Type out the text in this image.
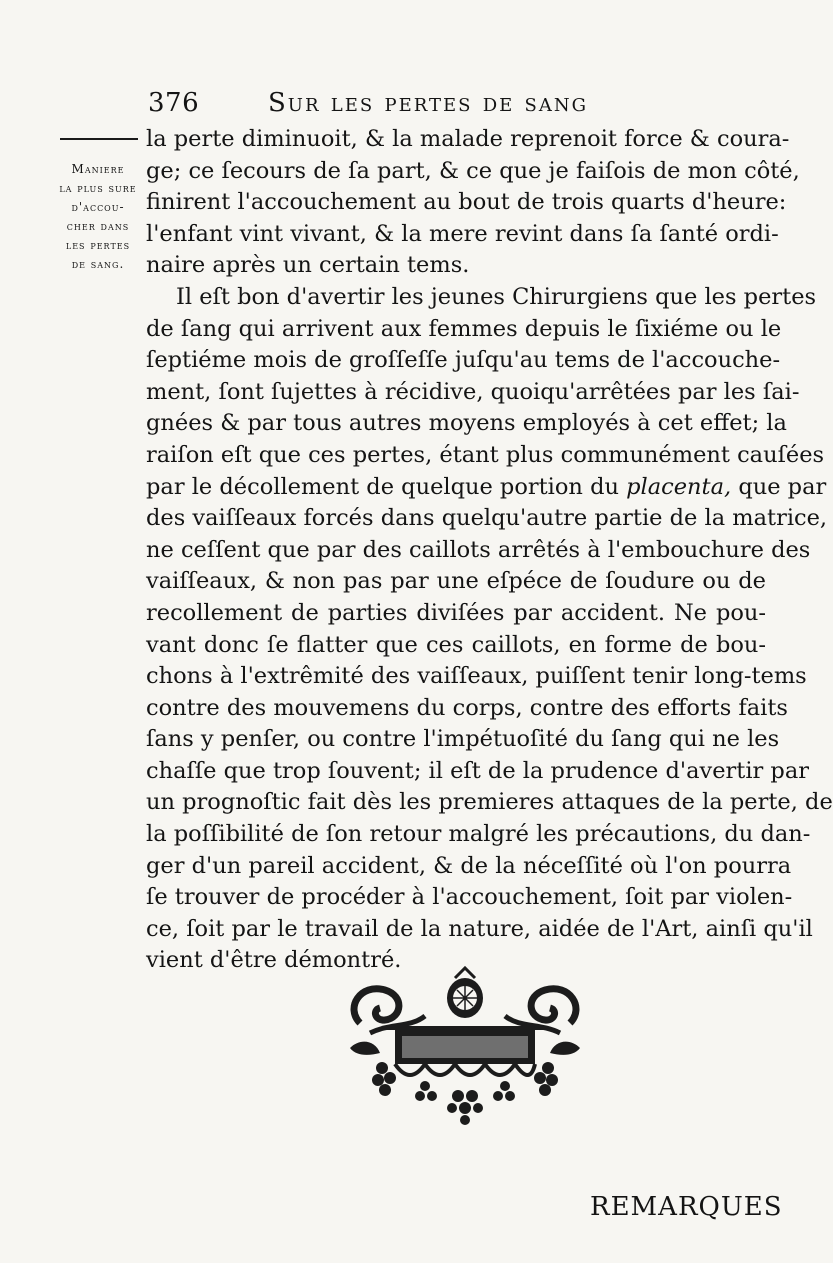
376	Sur les pertes de sang
Maniere
la plus sure
d'accou-
cher dans
les pertes
de sang.
la perte diminuoit, & la malade reprenoit force & coura-
ge; ce ſecours de ſa part, & ce que je faiſois de mon côté,
finirent l'accouchement au bout de trois quarts d'heure:
l'enfant vint vivant, & la mere revint dans ſa ſanté ordi-
naire après un certain tems.
Il eſt bon d'avertir les jeunes Chirurgiens que les pertes
de ſang qui arrivent aux femmes depuis le ſixiéme ou le
ſeptiéme mois de groſſeſſe juſqu'au tems de l'accouche-
ment, ſont ſujettes à récidive, quoiqu'arrêtées par les ſai-
gnées & par tous autres moyens employés à cet effet; la
raiſon eſt que ces pertes, étant plus communément cauſées
par le décollement de quelque portion du placenta, que par
des vaiſſeaux forcés dans quelqu'autre partie de la matrice,
ne ceſſent que par des caillots arrêtés à l'embouchure des
vaiſſeaux, & non pas par une eſpéce de ſoudure ou de
recollement de parties diviſées par accident. Ne pou-
vant donc ſe flatter que ces caillots, en forme de bou-
chons à l'extrêmité des vaiſſeaux, puiſſent tenir long-tems
contre des mouvemens du corps, contre des efforts faits
ſans y penſer, ou contre l'impétuoſité du ſang qui ne les
chaſſe que trop ſouvent; il eſt de la prudence d'avertir par
un prognoſtic fait dès les premieres attaques de la perte, de
la poſſibilité de ſon retour malgré les précautions, du dan-
ger d'un pareil accident, & de la néceſſité où l'on pourra
ſe trouver de procéder à l'accouchement, ſoit par violen-
ce, ſoit par le travail de la nature, aidée de l'Art, ainſi qu'il
vient d'être démontré.
REMARQUES
